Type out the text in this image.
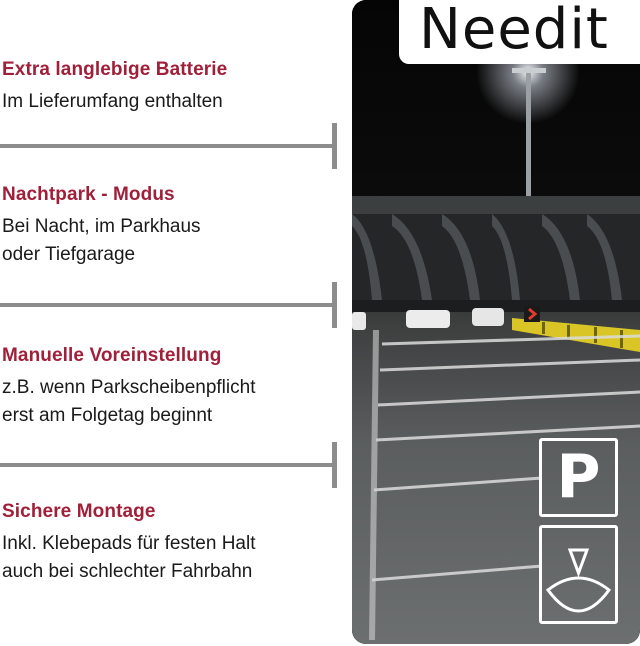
Extra langlebige Batterie

Im Lieferumfang enthalten

Nachtpark - Modus

Bei Nacht, im Parkhaus
oder Tiefgarage

Manuelle Voreinstellung

z.B. wenn Parkscheibenpflicht
erst am Folgetag beginnt

Sichere Montage

Inkl. Klebepads für festen Halt
auch bei schlechter Fahrbahn

Needit
P
